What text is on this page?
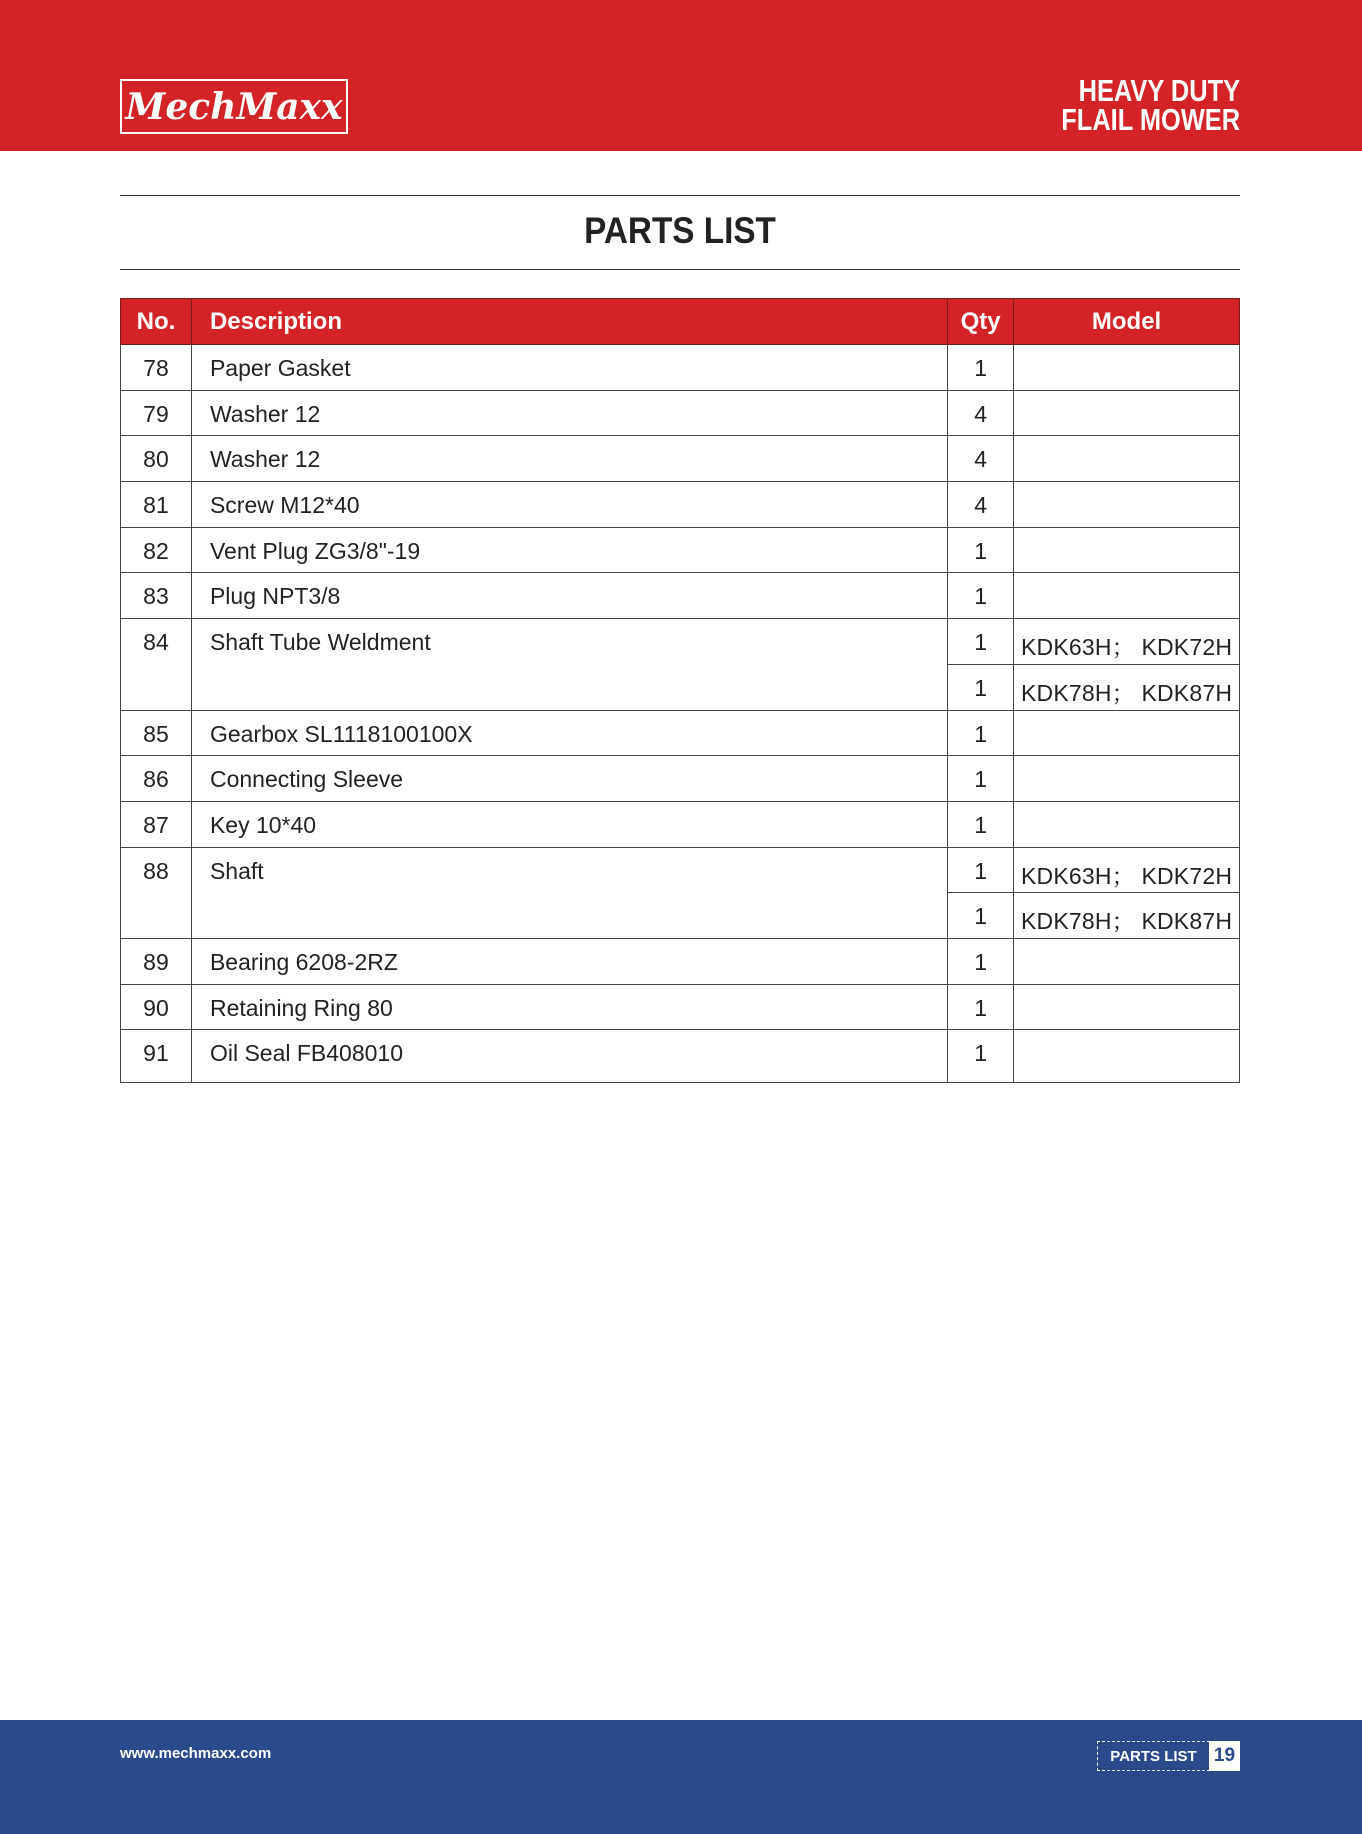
MechMaxx	HEAVY DUTY
FLAIL MOWER
PARTS LIST
No.	Description	Qty	Model
78	Paper Gasket	1	
79	Washer 12	4	
80	Washer 12	4	
81	Screw M12*40	4	
82	Vent Plug ZG3/8"-19	1	
83	Plug NPT3/8	1	
84	Shaft Tube Weldment	1	KDK63H； KDK72H
		1	KDK78H； KDK87H
85	Gearbox SL1118100100X	1	
86	Connecting Sleeve	1	
87	Key 10*40	1	
88	Shaft	1	KDK63H； KDK72H
		1	KDK78H； KDK87H
89	Bearing 6208-2RZ	1	
90	Retaining Ring 80	1	
91	Oil Seal FB408010	1	
www.mechmaxx.com	PARTS LIST 19
